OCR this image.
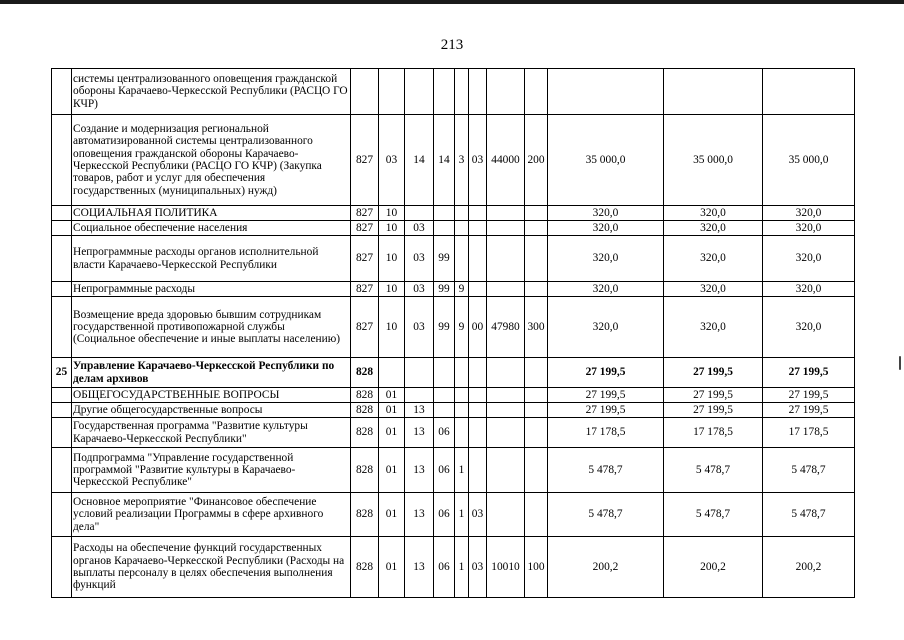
213
	системы централизованного оповещения гражданской обороны Карачаево-Черкесской Республики (РАСЦО ГО КЧР)											
	Создание и модернизация региональной автоматизированной системы централизованного оповещения гражданской обороны Карачаево-Черкесской Республики (РАСЦО ГО КЧР) (Закупка товаров, работ и услуг для обеспечения государственных (муниципальных) нужд)	827	03	14	14	3	03	44000	200	35 000,0	35 000,0	35 000,0
	СОЦИАЛЬНАЯ ПОЛИТИКА	827	10							320,0	320,0	320,0
	Социальное обеспечение населения	827	10	03						320,0	320,0	320,0
	Непрограммные расходы органов исполнительной власти Карачаево-Черкесской Республики	827	10	03	99					320,0	320,0	320,0
	Непрограммные расходы	827	10	03	99	9				320,0	320,0	320,0
	Возмещение вреда здоровью бывшим сотрудникам государственной противопожарной службы (Социальное обеспечение и иные выплаты населению)	827	10	03	99	9	00	47980	300	320,0	320,0	320,0
25	Управление Карачаево-Черкесской Республики по делам архивов	828								27 199,5	27 199,5	27 199,5
	ОБЩЕГОСУДАРСТВЕННЫЕ ВОПРОСЫ	828	01							27 199,5	27 199,5	27 199,5
	Другие общегосударственные вопросы	828	01	13						27 199,5	27 199,5	27 199,5
	Государственная программа "Развитие культуры Карачаево-Черкесской Республики"	828	01	13	06					17 178,5	17 178,5	17 178,5
	Подпрограмма "Управление государственной программой "Развитие культуры в Карачаево-Черкесской Республике"	828	01	13	06	1				5 478,7	5 478,7	5 478,7
	Основное мероприятие "Финансовое обеспечение условий реализации Программы в сфере архивного дела"	828	01	13	06	1	03			5 478,7	5 478,7	5 478,7
	Расходы на обеспечение функций государственных органов Карачаево-Черкесской Республики (Расходы на выплаты персоналу в целях обеспечения выполнения функций	828	01	13	06	1	03	10010	100	200,2	200,2	200,2
